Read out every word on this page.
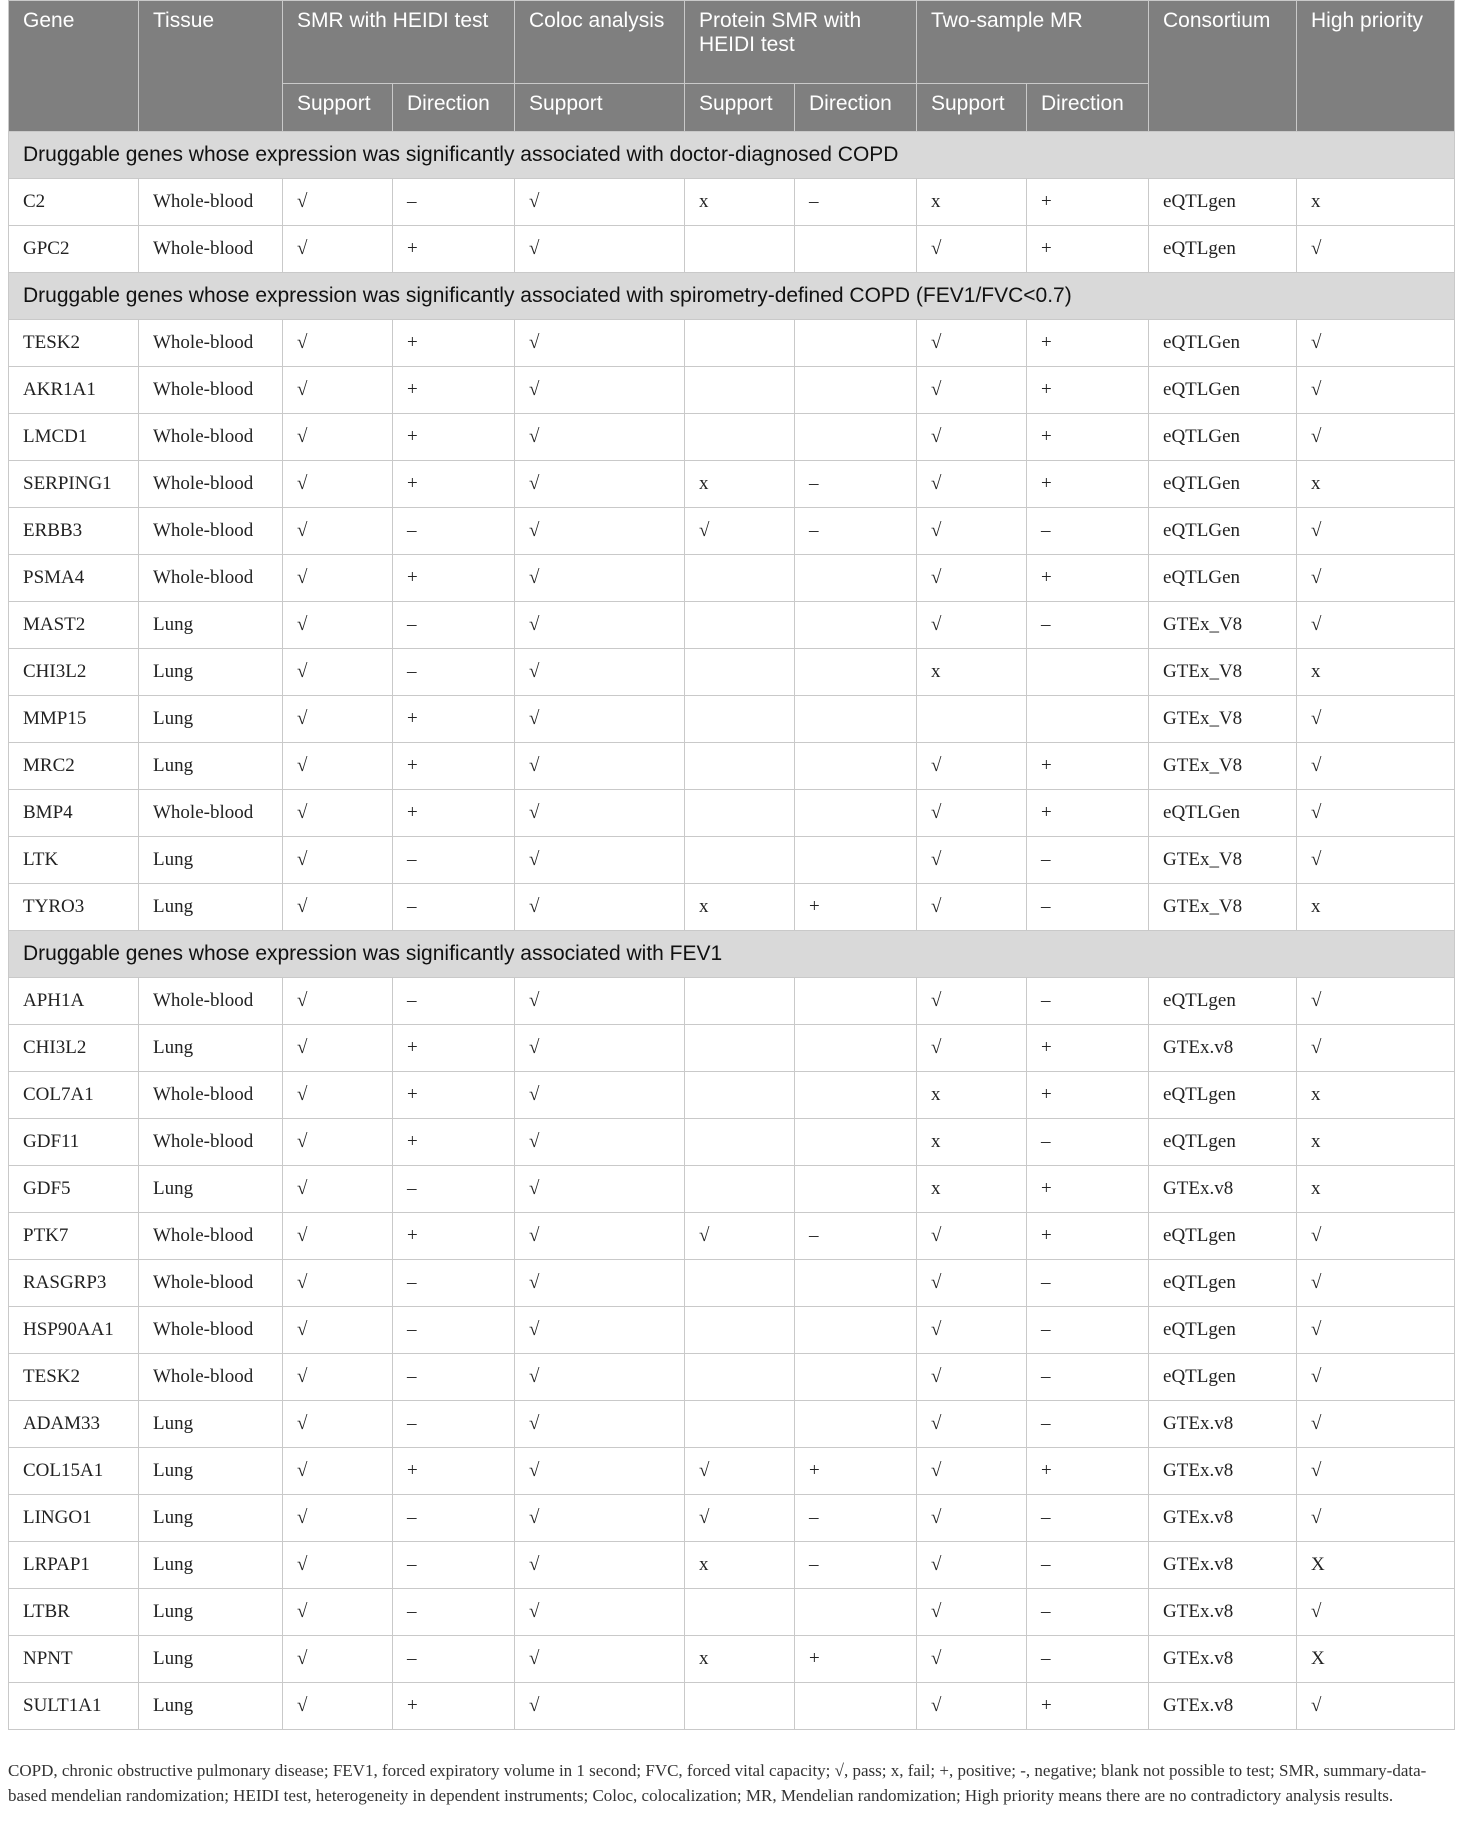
Gene	Tissue	SMR with HEIDI test		Coloc analysis	Protein SMR with HEIDI test		Two-sample MR		Consortium	High priority
		Support	Direction	Support	Support	Direction	Support	Direction		
Druggable genes whose expression was significantly associated with doctor-diagnosed COPD										
C2	Whole-blood	√	–	√	x	–	x	+	eQTLgen	x
GPC2	Whole-blood	√	+	√			√	+	eQTLgen	√
Druggable genes whose expression was significantly associated with spirometry-defined COPD (FEV1/FVC<0.7)										
TESK2	Whole-blood	√	+	√			√	+	eQTLGen	√
AKR1A1	Whole-blood	√	+	√			√	+	eQTLGen	√
LMCD1	Whole-blood	√	+	√			√	+	eQTLGen	√
SERPING1	Whole-blood	√	+	√	x	–	√	+	eQTLGen	x
ERBB3	Whole-blood	√	–	√	√	–	√	–	eQTLGen	√
PSMA4	Whole-blood	√	+	√			√	+	eQTLGen	√
MAST2	Lung	√	–	√			√	–	GTEx_V8	√
CHI3L2	Lung	√	–	√			x		GTEx_V8	x
MMP15	Lung	√	+	√					GTEx_V8	√
MRC2	Lung	√	+	√			√	+	GTEx_V8	√
BMP4	Whole-blood	√	+	√			√	+	eQTLGen	√
LTK	Lung	√	–	√			√	–	GTEx_V8	√
TYRO3	Lung	√	–	√	x	+	√	–	GTEx_V8	x
Druggable genes whose expression was significantly associated with FEV1										
APH1A	Whole-blood	√	–	√			√	–	eQTLgen	√
CHI3L2	Lung	√	+	√			√	+	GTEx.v8	√
COL7A1	Whole-blood	√	+	√			x	+	eQTLgen	x
GDF11	Whole-blood	√	+	√			x	–	eQTLgen	x
GDF5	Lung	√	–	√			x	+	GTEx.v8	x
PTK7	Whole-blood	√	+	√	√	–	√	+	eQTLgen	√
RASGRP3	Whole-blood	√	–	√			√	–	eQTLgen	√
HSP90AA1	Whole-blood	√	–	√			√	–	eQTLgen	√
TESK2	Whole-blood	√	–	√			√	–	eQTLgen	√
ADAM33	Lung	√	–	√			√	–	GTEx.v8	√
COL15A1	Lung	√	+	√	√	+	√	+	GTEx.v8	√
LINGO1	Lung	√	–	√	√	–	√	–	GTEx.v8	√
LRPAP1	Lung	√	–	√	x	–	√	–	GTEx.v8	X
LTBR	Lung	√	–	√			√	–	GTEx.v8	√
NPNT	Lung	√	–	√	x	+	√	–	GTEx.v8	X
SULT1A1	Lung	√	+	√			√	+	GTEx.v8	√
COPD, chronic obstructive pulmonary disease; FEV1, forced expiratory volume in 1 second; FVC, forced vital capacity; √, pass; x, fail; +, positive; -, negative; blank not possible to test; SMR, summary-data-based mendelian randomization; HEIDI test, heterogeneity in dependent instruments; Coloc, colocalization; MR, Mendelian randomization; High priority means there are no contradictory analysis results.
